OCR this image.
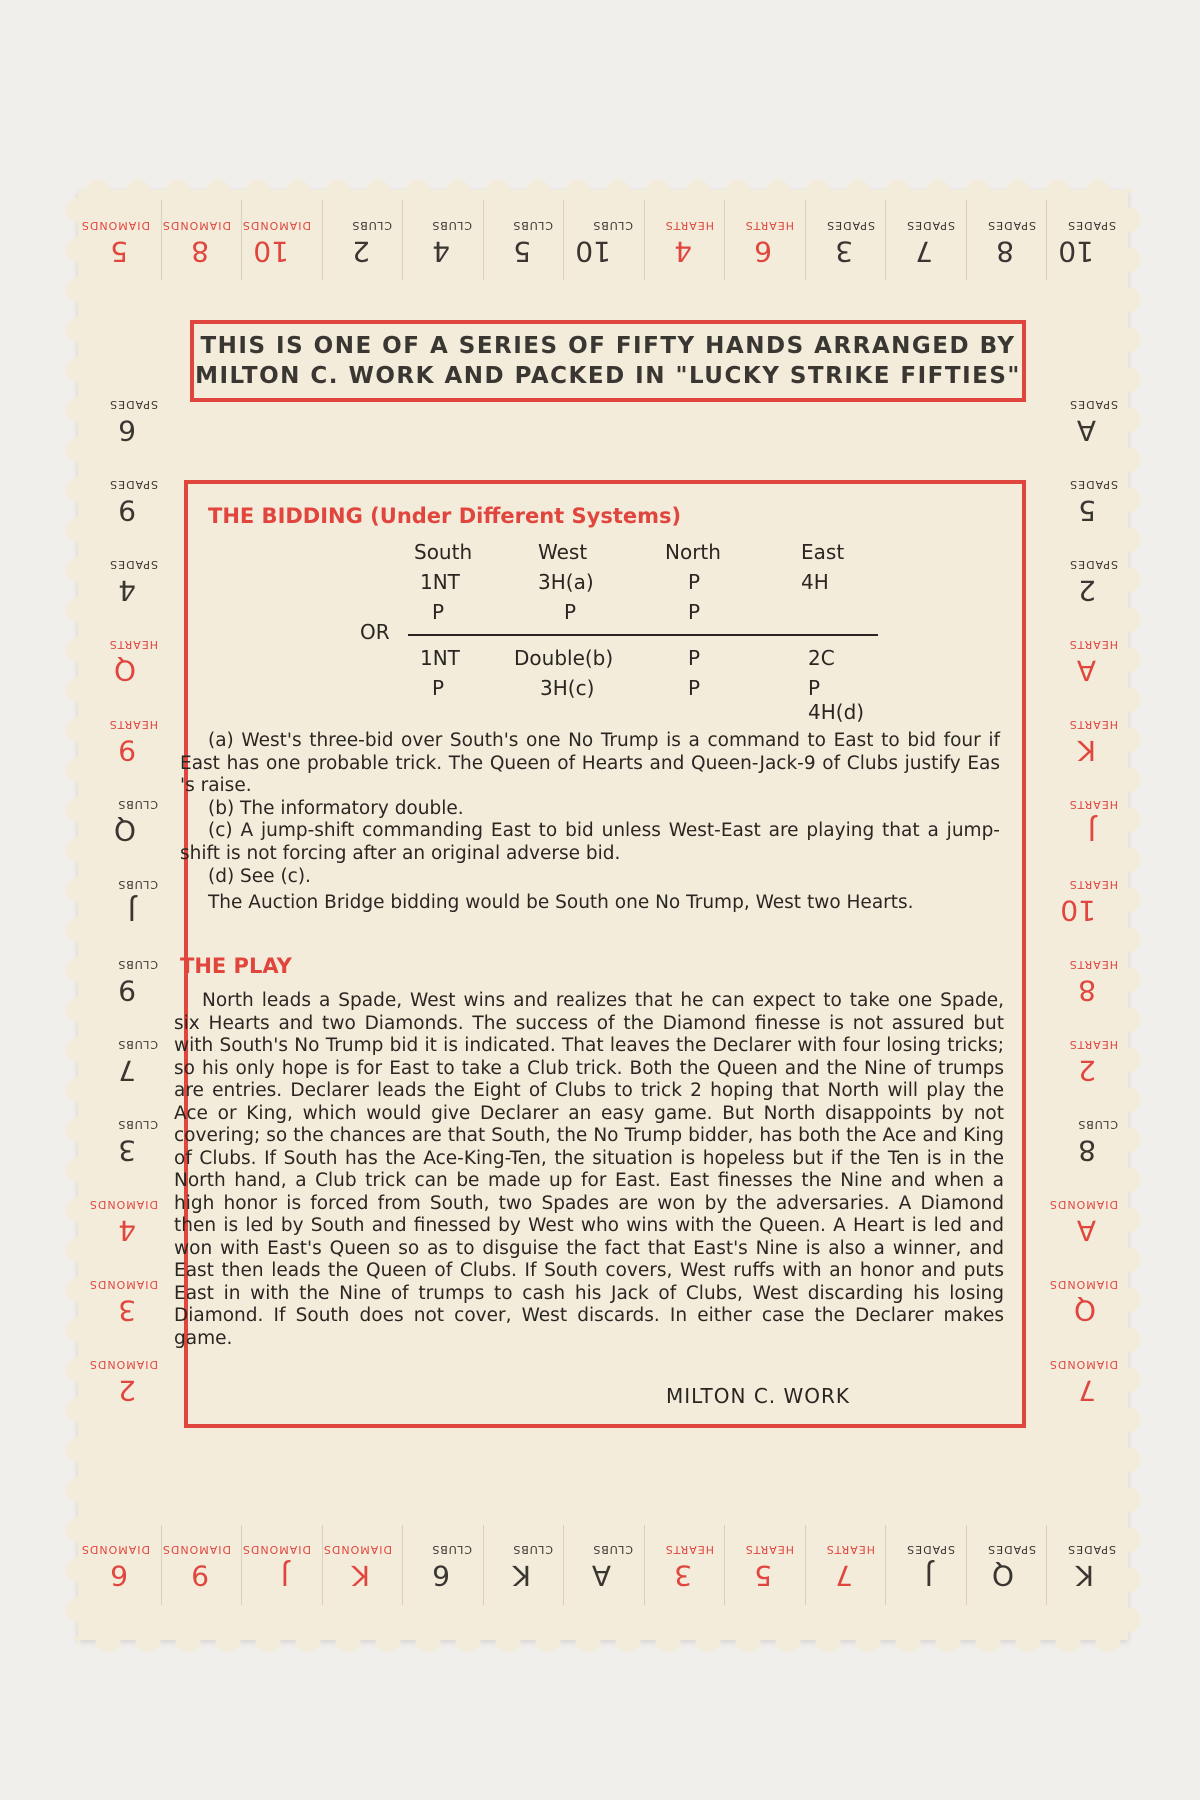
5
DIAMONDS
8
DIAMONDS
10
DIAMONDS
2
CLUBS
4
CLUBS
5
CLUBS
10
CLUBS
4
HEARTS
6
HEARTS
3
SPADES
7
SPADES
8
SPADES
10
SPADES
6
DIAMONDS
9
DIAMONDS
J
DIAMONDS
K
DIAMONDS
6
CLUBS
K
CLUBS
A
CLUBS
3
HEARTS
5
HEARTS
7
HEARTS
J
SPADES
Q
SPADES
K
SPADES
6
SPADES
9
SPADES
4
SPADES
Q
HEARTS
9
HEARTS
Q
CLUBS
J
CLUBS
9
CLUBS
7
CLUBS
3
CLUBS
4
DIAMONDS
3
DIAMONDS
2
DIAMONDS
A
SPADES
5
SPADES
2
SPADES
A
HEARTS
K
HEARTS
J
HEARTS
10
HEARTS
8
HEARTS
2
HEARTS
8
CLUBS
A
DIAMONDS
Q
DIAMONDS
7
DIAMONDS
THIS IS ONE OF A SERIES OF FIFTY HANDS ARRANGED BY
MILTON C. WORK AND PACKED IN "LUCKY STRIKE FIFTIES"
THE BIDDING (Under Different Systems)
South	West	North	East
1NT	3H(a)	P	4H
P	P	P
OR
1NT	Double(b)	P	2C
P	3H(c)	P	P
4H(d)
(a) West's three-bid over South's one No Trump is a command to East to bid four if East has one probable trick. The Queen of Hearts and Queen-Jack-9 of Clubs justify Eas 's raise.
(b) The informatory double.
(c) A jump-shift commanding East to bid unless West-East are playing that a jump-shift is not forcing after an original adverse bid.
(d) See (c).
The Auction Bridge bidding would be South one No Trump, West two Hearts.
THE PLAY
North leads a Spade, West wins and realizes that he can expect to take one Spade, six Hearts and two Diamonds. The success of the Diamond finesse is not assured but with South's No Trump bid it is indicated. That leaves the Declarer with four losing tricks; so his only hope is for East to take a Club trick. Both the Queen and the Nine of trumps are entries. Declarer leads the Eight of Clubs to trick 2 hoping that North will play the Ace or King, which would give Declarer an easy game. But North disappoints by not covering; so the chances are that South, the No Trump bidder, has both the Ace and King of Clubs. If South has the Ace-King-Ten, the situation is hopeless but if the Ten is in the North hand, a Club trick can be made up for East. East finesses the Nine and when a high honor is forced from South, two Spades are won by the adversaries. A Diamond then is led by South and finessed by West who wins with the Queen. A Heart is led and won with East's Queen so as to disguise the fact that East's Nine is also a winner, and East then leads the Queen of Clubs. If South covers, West ruffs with an honor and puts East in with the Nine of trumps to cash his Jack of Clubs, West discarding his losing Diamond. If South does not cover, West discards. In either case the Declarer makes game.
MILTON C. WORK
